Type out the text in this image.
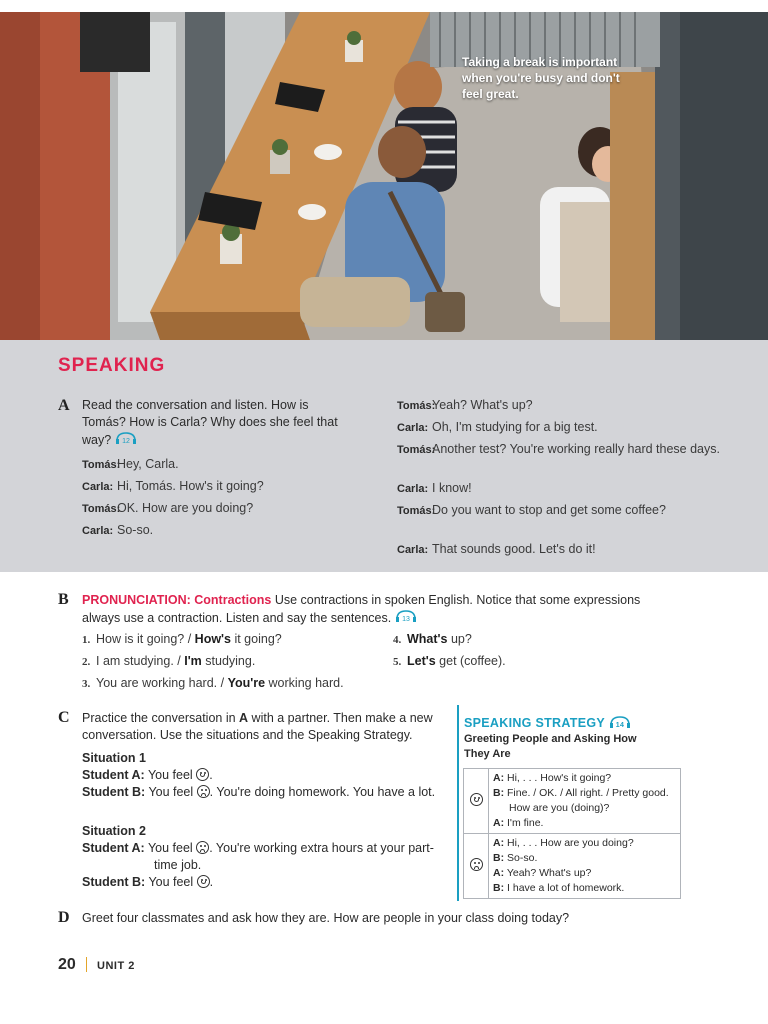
Taking a break is important when you're busy and don't feel great.
SPEAKING
A Read the conversation and listen. How is Tomás? How is Carla? Why does she feel that way? 12
Tomás:Hey, Carla.
Carla: Hi, Tomás. How's it going?
Tomás:OK. How are you doing?
Carla: So-so.
Tomás:Yeah? What's up?
Carla: Oh, I'm studying for a big test.
Tomás:Another test? You're working really hard these days.
Carla: I know!
Tomás:Do you want to stop and get some coffee?
Carla: That sounds good. Let's do it!
B PRONUNCIATION: Contractions Use contractions in spoken English. Notice that some expressions always use a contraction. Listen and say the sentences. 13
1. How is it going? / How's it going?
2. I am studying. / I'm studying.
3. You are working hard. / You're working hard.
4. What's up?
5. Let's get (coffee).
C Practice the conversation in A with a partner. Then make a new conversation. Use the situations and the Speaking Strategy.
Situation 1
Student A: You feel .
Student B: You feel . You're doing homework. You have a lot.
Situation 2
Student A: You feel . You're working extra hours at your part-time job.
Student B: You feel .
SPEAKING STRATEGY 14
Greeting People and Asking How They Are

	A: Hi, . . . How's it going?
B: Fine. / OK. / All right. / Pretty good. How are you (doing)?
A: I'm fine.

	A: Hi, . . . How are you doing?
B: So-so.
A: Yeah? What's up?
B: I have a lot of homework.
D Greet four classmates and ask how they are. How are people in your class doing today?
20 UNIT 2
